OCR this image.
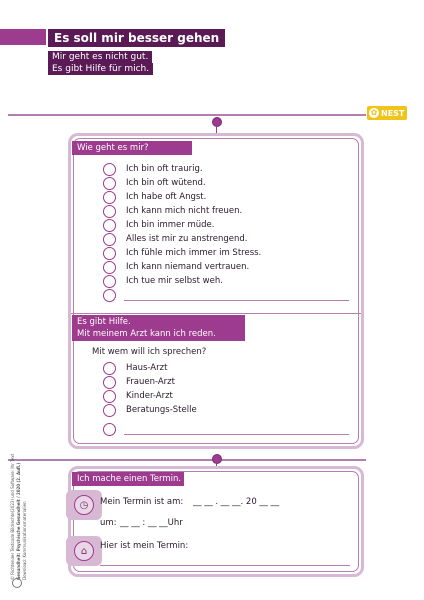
Es soll mir besser gehen
Mir geht es nicht gut.
Es gibt Hilfe für mich.
✿ NEST
Wie geht es mir?
Ich bin oft traurig.
Ich bin oft wütend.
Ich habe oft Angst.
Ich kann mich nicht freuen.
Ich bin immer müde.
Alles ist mir zu anstrengend.
Ich fühle mich immer im Stress.
Ich kann niemand vertrauen.
Ich tue mir selbst weh.
Es gibt Hilfe.
Mit meinem Arzt kann ich reden.
Mit wem will ich sprechen?
Haus-Arzt
Frauen-Arzt
Kinder-Arzt
Beratungs-Stelle
Ich mache einen Termin.
◷	Mein Termin ist am: __ __ . __ __. 20 __ __
um: __ __ : __ __Uhr
⌂	Hier ist mein Termin:
© Richtender Textcode Bildrechte(2023) und Software: Ihr Text Gesundheit: Psychische Gesundheit / 2020 (2. Aufl.) Download: Kommunikationsmaterialien
